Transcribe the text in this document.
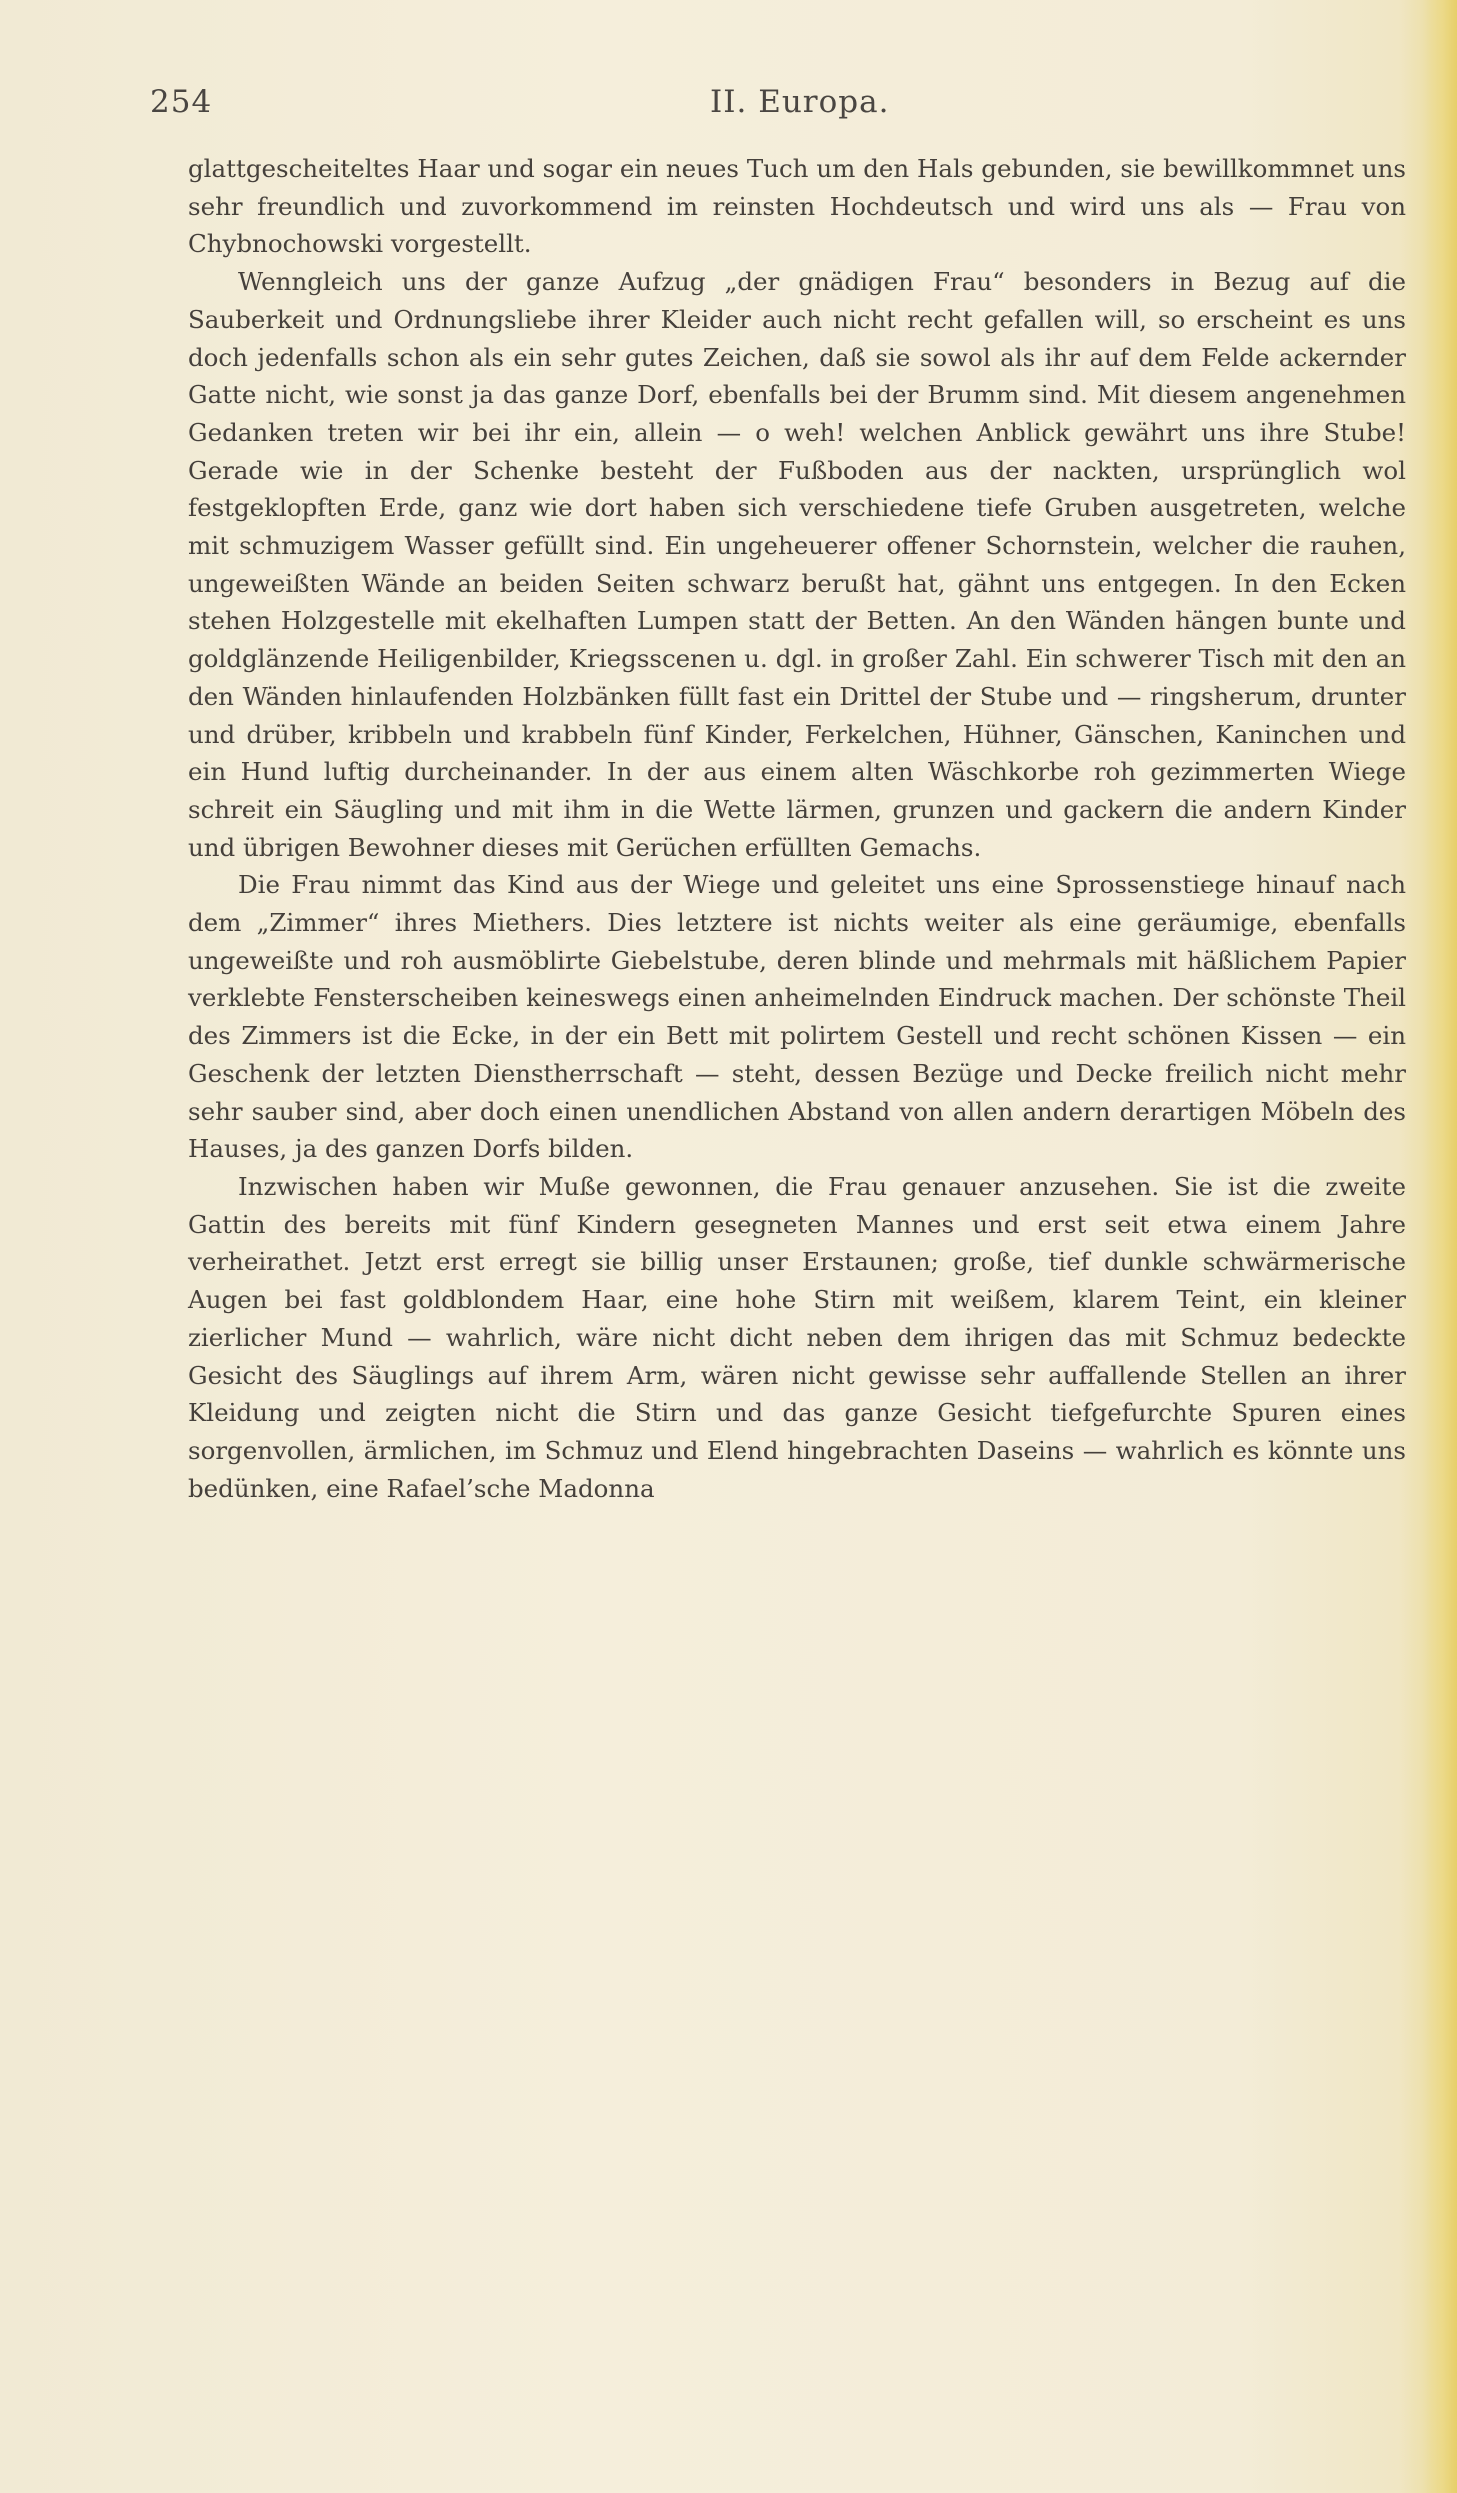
254	II. Europa.

glattgescheiteltes Haar und sogar ein neues Tuch um den Hals gebunden, sie bewillkommnet uns sehr freundlich und zuvorkommend im reinsten Hochdeutsch und wird uns als — Frau von Chybnochowski vorgestellt.

Wenngleich uns der ganze Aufzug „der gnädigen Frau“ besonders in Bezug auf die Sauberkeit und Ordnungsliebe ihrer Kleider auch nicht recht gefallen will, so erscheint es uns doch jedenfalls schon als ein sehr gutes Zeichen, daß sie sowol als ihr auf dem Felde ackernder Gatte nicht, wie sonst ja das ganze Dorf, ebenfalls bei der Brumm sind. Mit diesem angenehmen Gedanken treten wir bei ihr ein, allein — o weh! welchen Anblick gewährt uns ihre Stube! Gerade wie in der Schenke besteht der Fußboden aus der nackten, ursprünglich wol festgeklopften Erde, ganz wie dort haben sich verschiedene tiefe Gruben ausgetreten, welche mit schmuzigem Wasser gefüllt sind. Ein ungeheuerer offener Schornstein, welcher die rauhen, ungeweißten Wände an beiden Seiten schwarz berußt hat, gähnt uns entgegen. In den Ecken stehen Holzgestelle mit ekelhaften Lumpen statt der Betten. An den Wänden hängen bunte und goldglänzende Heiligenbilder, Kriegsscenen u. dgl. in großer Zahl. Ein schwerer Tisch mit den an den Wänden hinlaufenden Holzbänken füllt fast ein Drittel der Stube und — ringsherum, drunter und drüber, kribbeln und krabbeln fünf Kinder, Ferkelchen, Hühner, Gänschen, Kaninchen und ein Hund luftig durcheinander. In der aus einem alten Wäschkorbe roh gezimmerten Wiege schreit ein Säugling und mit ihm in die Wette lärmen, grunzen und gackern die andern Kinder und übrigen Bewohner dieses mit Gerüchen erfüllten Gemachs.

Die Frau nimmt das Kind aus der Wiege und geleitet uns eine Sprossenstiege hinauf nach dem „Zimmer“ ihres Miethers. Dies letztere ist nichts weiter als eine geräumige, ebenfalls ungeweißte und roh ausmöblirte Giebelstube, deren blinde und mehrmals mit häßlichem Papier verklebte Fensterscheiben keineswegs einen anheimelnden Eindruck machen. Der schönste Theil des Zimmers ist die Ecke, in der ein Bett mit polirtem Gestell und recht schönen Kissen — ein Geschenk der letzten Dienstherrschaft — steht, dessen Bezüge und Decke freilich nicht mehr sehr sauber sind, aber doch einen unendlichen Abstand von allen andern derartigen Möbeln des Hauses, ja des ganzen Dorfs bilden.

Inzwischen haben wir Muße gewonnen, die Frau genauer anzusehen. Sie ist die zweite Gattin des bereits mit fünf Kindern gesegneten Mannes und erst seit etwa einem Jahre verheirathet. Jetzt erst erregt sie billig unser Erstaunen; große, tief dunkle schwärmerische Augen bei fast goldblondem Haar, eine hohe Stirn mit weißem, klarem Teint, ein kleiner zierlicher Mund — wahrlich, wäre nicht dicht neben dem ihrigen das mit Schmuz bedeckte Gesicht des Säuglings auf ihrem Arm, wären nicht gewisse sehr auffallende Stellen an ihrer Kleidung und zeigten nicht die Stirn und das ganze Gesicht tiefgefurchte Spuren eines sorgenvollen, ärmlichen, im Schmuz und Elend hingebrachten Daseins — wahrlich es könnte uns bedünken, eine Rafael’sche Madonna
